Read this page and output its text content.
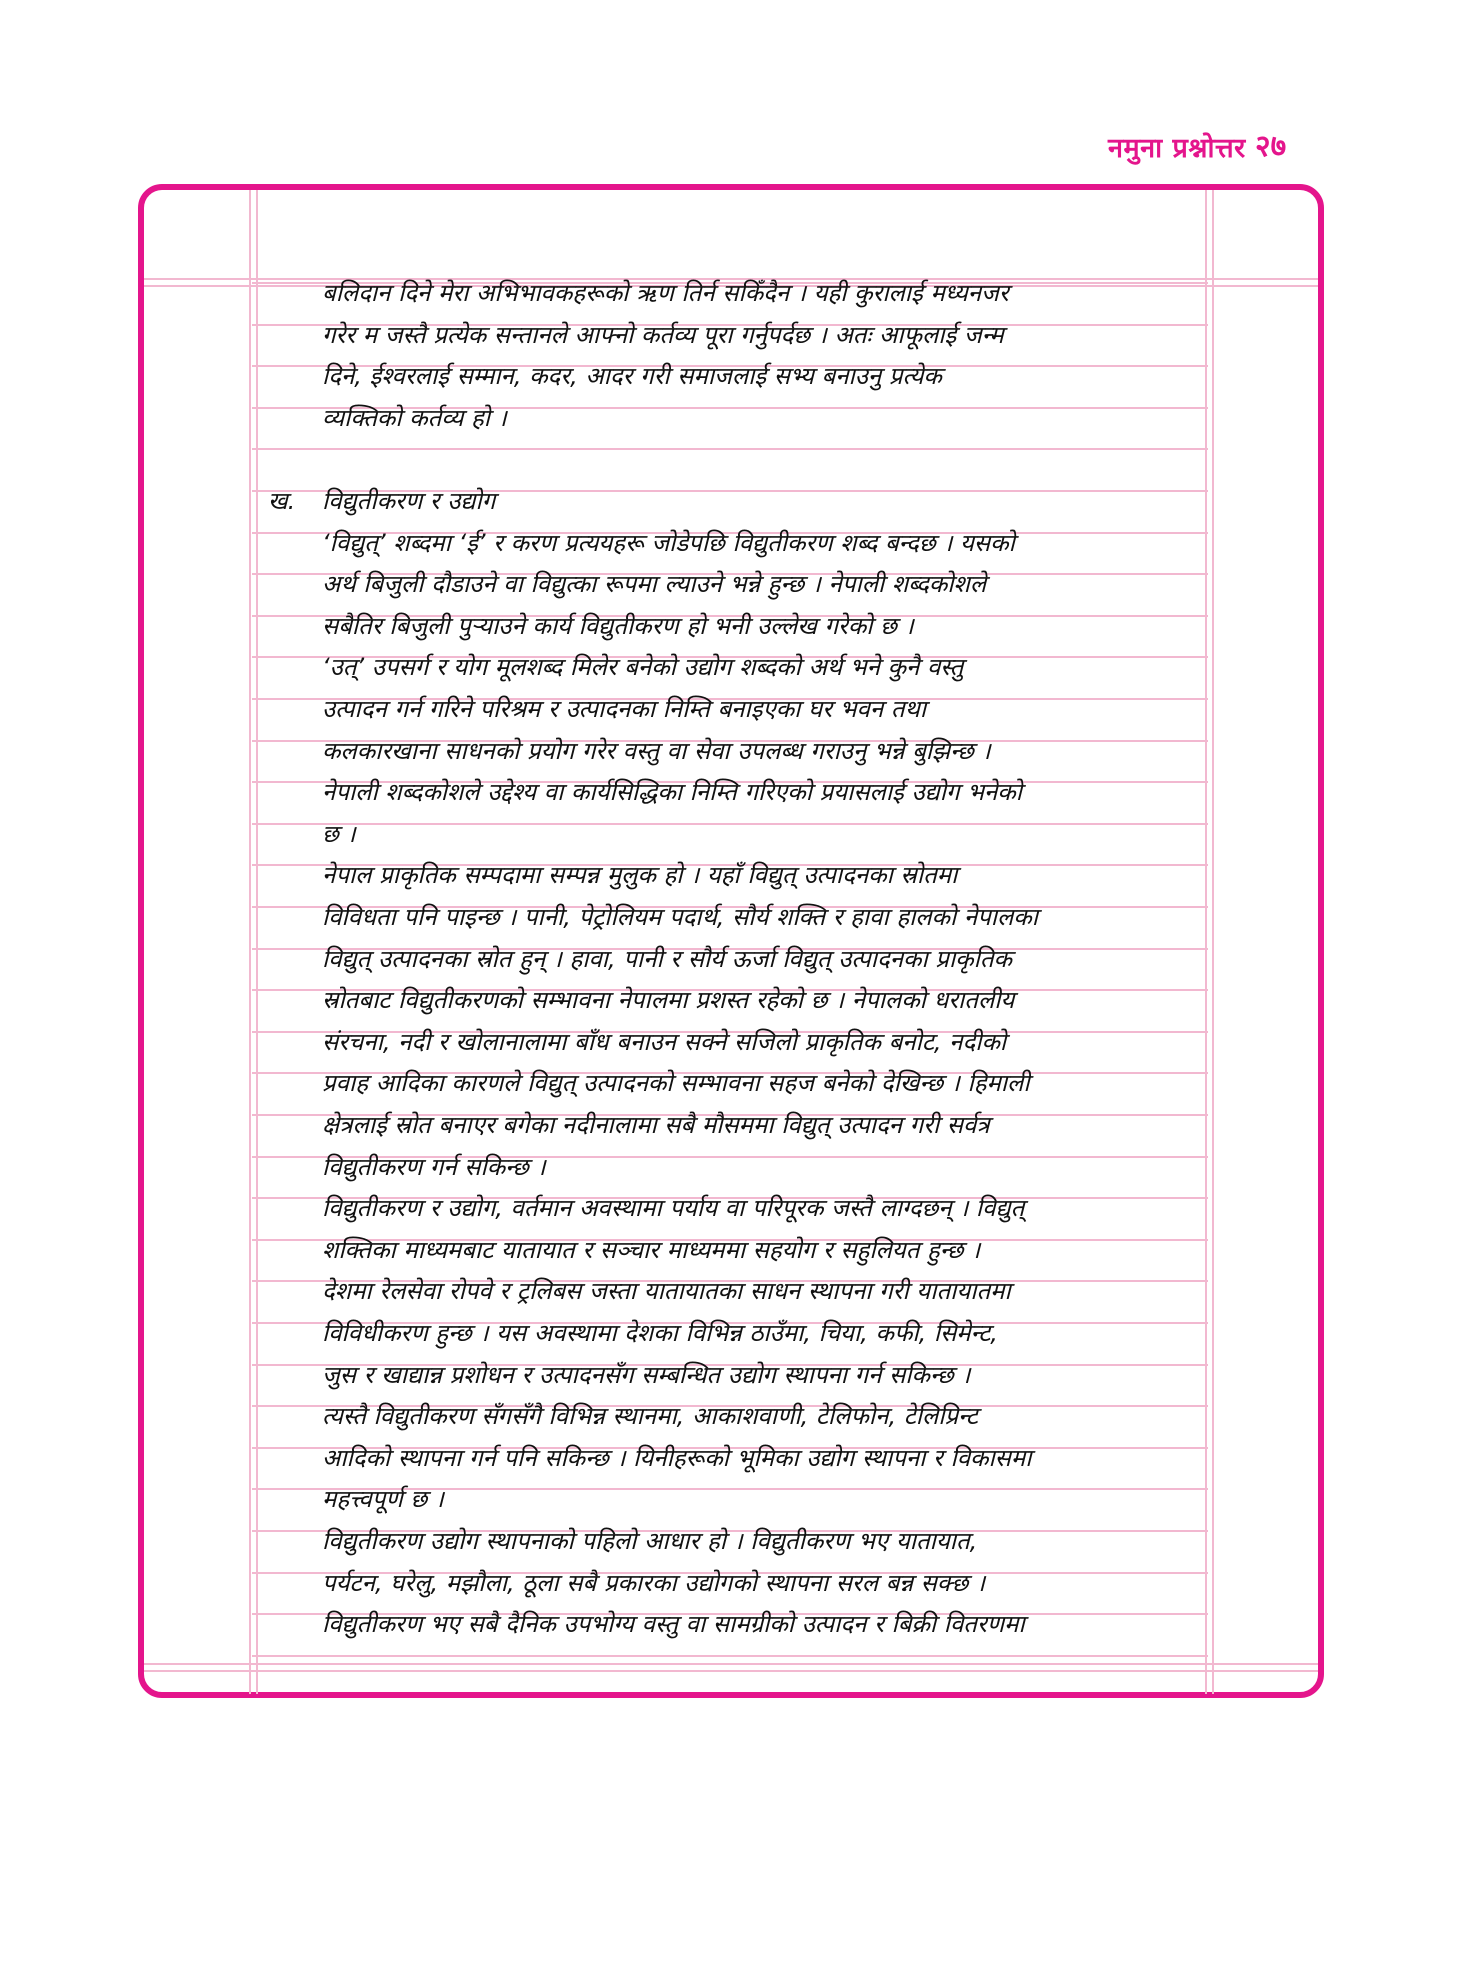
नमुना प्रश्नोत्तर २७
ख. विद्युतीकरण र उद्योग
बलिदान दिने मेरा अभिभावकहरूको ऋण तिर्न सकिँदैन । यही कुरालाई मध्यनजर
गरेर म जस्तै प्रत्येक सन्तानले आफ्नो कर्तव्य पूरा गर्नुपर्दछ । अतः आफूलाई जन्म
दिने, ईश्वरलाई सम्मान, कदर, आदर गरी समाजलाई सभ्य बनाउनु प्रत्येक
व्यक्तिको कर्तव्य हो ।
‘विद्युत्’ शब्दमा ‘ई’ र करण प्रत्ययहरू जोडेपछि विद्युतीकरण शब्द बन्दछ । यसको
अर्थ बिजुली दौडाउने वा विद्युत्का रूपमा ल्याउने भन्ने हुन्छ । नेपाली शब्दकोशले
सबैतिर बिजुली पुऱ्याउने कार्य विद्युतीकरण हो भनी उल्लेख गरेको छ ।
‘उत्’ उपसर्ग र योग मूलशब्द मिलेर बनेको उद्योग शब्दको अर्थ भने कुनै वस्तु
उत्पादन गर्न गरिने परिश्रम र उत्पादनका निम्ति बनाइएका घर भवन तथा
कलकारखाना साधनको प्रयोग गरेर वस्तु वा सेवा उपलब्ध गराउनु भन्ने बुझिन्छ ।
नेपाली शब्दकोशले उद्देश्य वा कार्यसिद्धिका निम्ति गरिएको प्रयासलाई उद्योग भनेको
छ ।
नेपाल प्राकृतिक सम्पदामा सम्पन्न मुलुक हो । यहाँ विद्युत् उत्पादनका स्रोतमा
विविधता पनि पाइन्छ । पानी, पेट्रोलियम पदार्थ, सौर्य शक्ति र हावा हालको नेपालका
विद्युत् उत्पादनका स्रोत हुन् । हावा, पानी र सौर्य ऊर्जा विद्युत् उत्पादनका प्राकृतिक
स्रोतबाट विद्युतीकरणको सम्भावना नेपालमा प्रशस्त रहेको छ । नेपालको धरातलीय
संरचना, नदी र खोलानालामा बाँध बनाउन सक्ने सजिलो प्राकृतिक बनोट, नदीको
प्रवाह आदिका कारणले विद्युत् उत्पादनको सम्भावना सहज बनेको देखिन्छ । हिमाली
क्षेत्रलाई स्रोत बनाएर बगेका नदीनालामा सबै मौसममा विद्युत् उत्पादन गरी सर्वत्र
विद्युतीकरण गर्न सकिन्छ ।
विद्युतीकरण र उद्योग, वर्तमान अवस्थामा पर्याय वा परिपूरक जस्तै लाग्दछन् । विद्युत्
शक्तिका माध्यमबाट यातायात र सञ्चार माध्यममा सहयोग र सहुलियत हुन्छ ।
देशमा रेलसेवा रोपवे र ट्रलिबस जस्ता यातायातका साधन स्थापना गरी यातायातमा
विविधीकरण हुन्छ । यस अवस्थामा देशका विभिन्न ठाउँमा, चिया, कफी, सिमेन्ट,
जुस र खाद्यान्न प्रशोधन र उत्पादनसँग सम्बन्धित उद्योग स्थापना गर्न सकिन्छ ।
त्यस्तै विद्युतीकरण सँगसँगै विभिन्न स्थानमा, आकाशवाणी, टेलिफोन, टेलिप्रिन्ट
आदिको स्थापना गर्न पनि सकिन्छ । यिनीहरूको भूमिका उद्योग स्थापना र विकासमा
महत्त्वपूर्ण छ ।
विद्युतीकरण उद्योग स्थापनाको पहिलो आधार हो । विद्युतीकरण भए यातायात,
पर्यटन, घरेलु, मझौला, ठूला सबै प्रकारका उद्योगको स्थापना सरल बन्न सक्छ ।
विद्युतीकरण भए सबै दैनिक उपभोग्य वस्तु वा सामग्रीको उत्पादन र बिक्री वितरणमा
